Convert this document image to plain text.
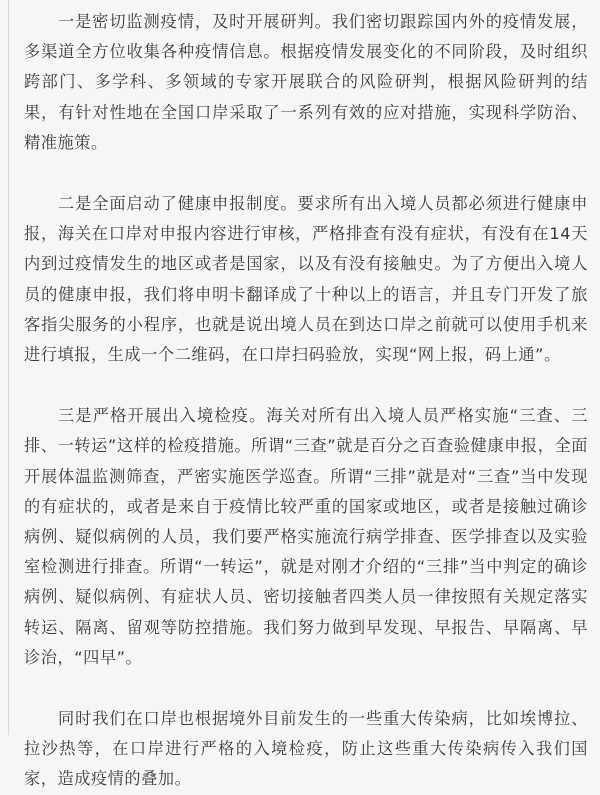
一是密切监测疫情，及时开展研判。我们密切跟踪国内外的疫情发展，多渠道全方位收集各种疫情信息。根据疫情发展变化的不同阶段，及时组织跨部门、多学科、多领域的专家开展联合的风险研判，根据风险研判的结果，有针对性地在全国口岸采取了一系列有效的应对措施，实现科学防治、精准施策。

二是全面启动了健康申报制度。要求所有出入境人员都必须进行健康申报，海关在口岸对申报内容进行审核，严格排查有没有症状，有没有在14天内到过疫情发生的地区或者是国家，以及有没有接触史。为了方便出入境人员的健康申报，我们将申明卡翻译成了十种以上的语言，并且专门开发了旅客指尖服务的小程序，也就是说出境人员在到达口岸之前就可以使用手机来进行填报，生成一个二维码，在口岸扫码验放，实现“网上报，码上通”。

三是严格开展出入境检疫。海关对所有出入境人员严格实施“三查、三排、一转运”这样的检疫措施。所谓“三查”就是百分之百查验健康申报，全面开展体温监测筛查，严密实施医学巡查。所谓“三排”就是对“三查”当中发现的有症状的，或者是来自于疫情比较严重的国家或地区，或者是接触过确诊病例、疑似病例的人员，我们要严格实施流行病学排查、医学排查以及实验室检测进行排查。所谓“一转运”，就是对刚才介绍的“三排”当中判定的确诊病例、疑似病例、有症状人员、密切接触者四类人员一律按照有关规定落实转运、隔离、留观等防控措施。我们努力做到早发现、早报告、早隔离、早诊治，“四早”。

同时我们在口岸也根据境外目前发生的一些重大传染病，比如埃博拉、拉沙热等，在口岸进行严格的入境检疫，防止这些重大传染病传入我们国家，造成疫情的叠加。
